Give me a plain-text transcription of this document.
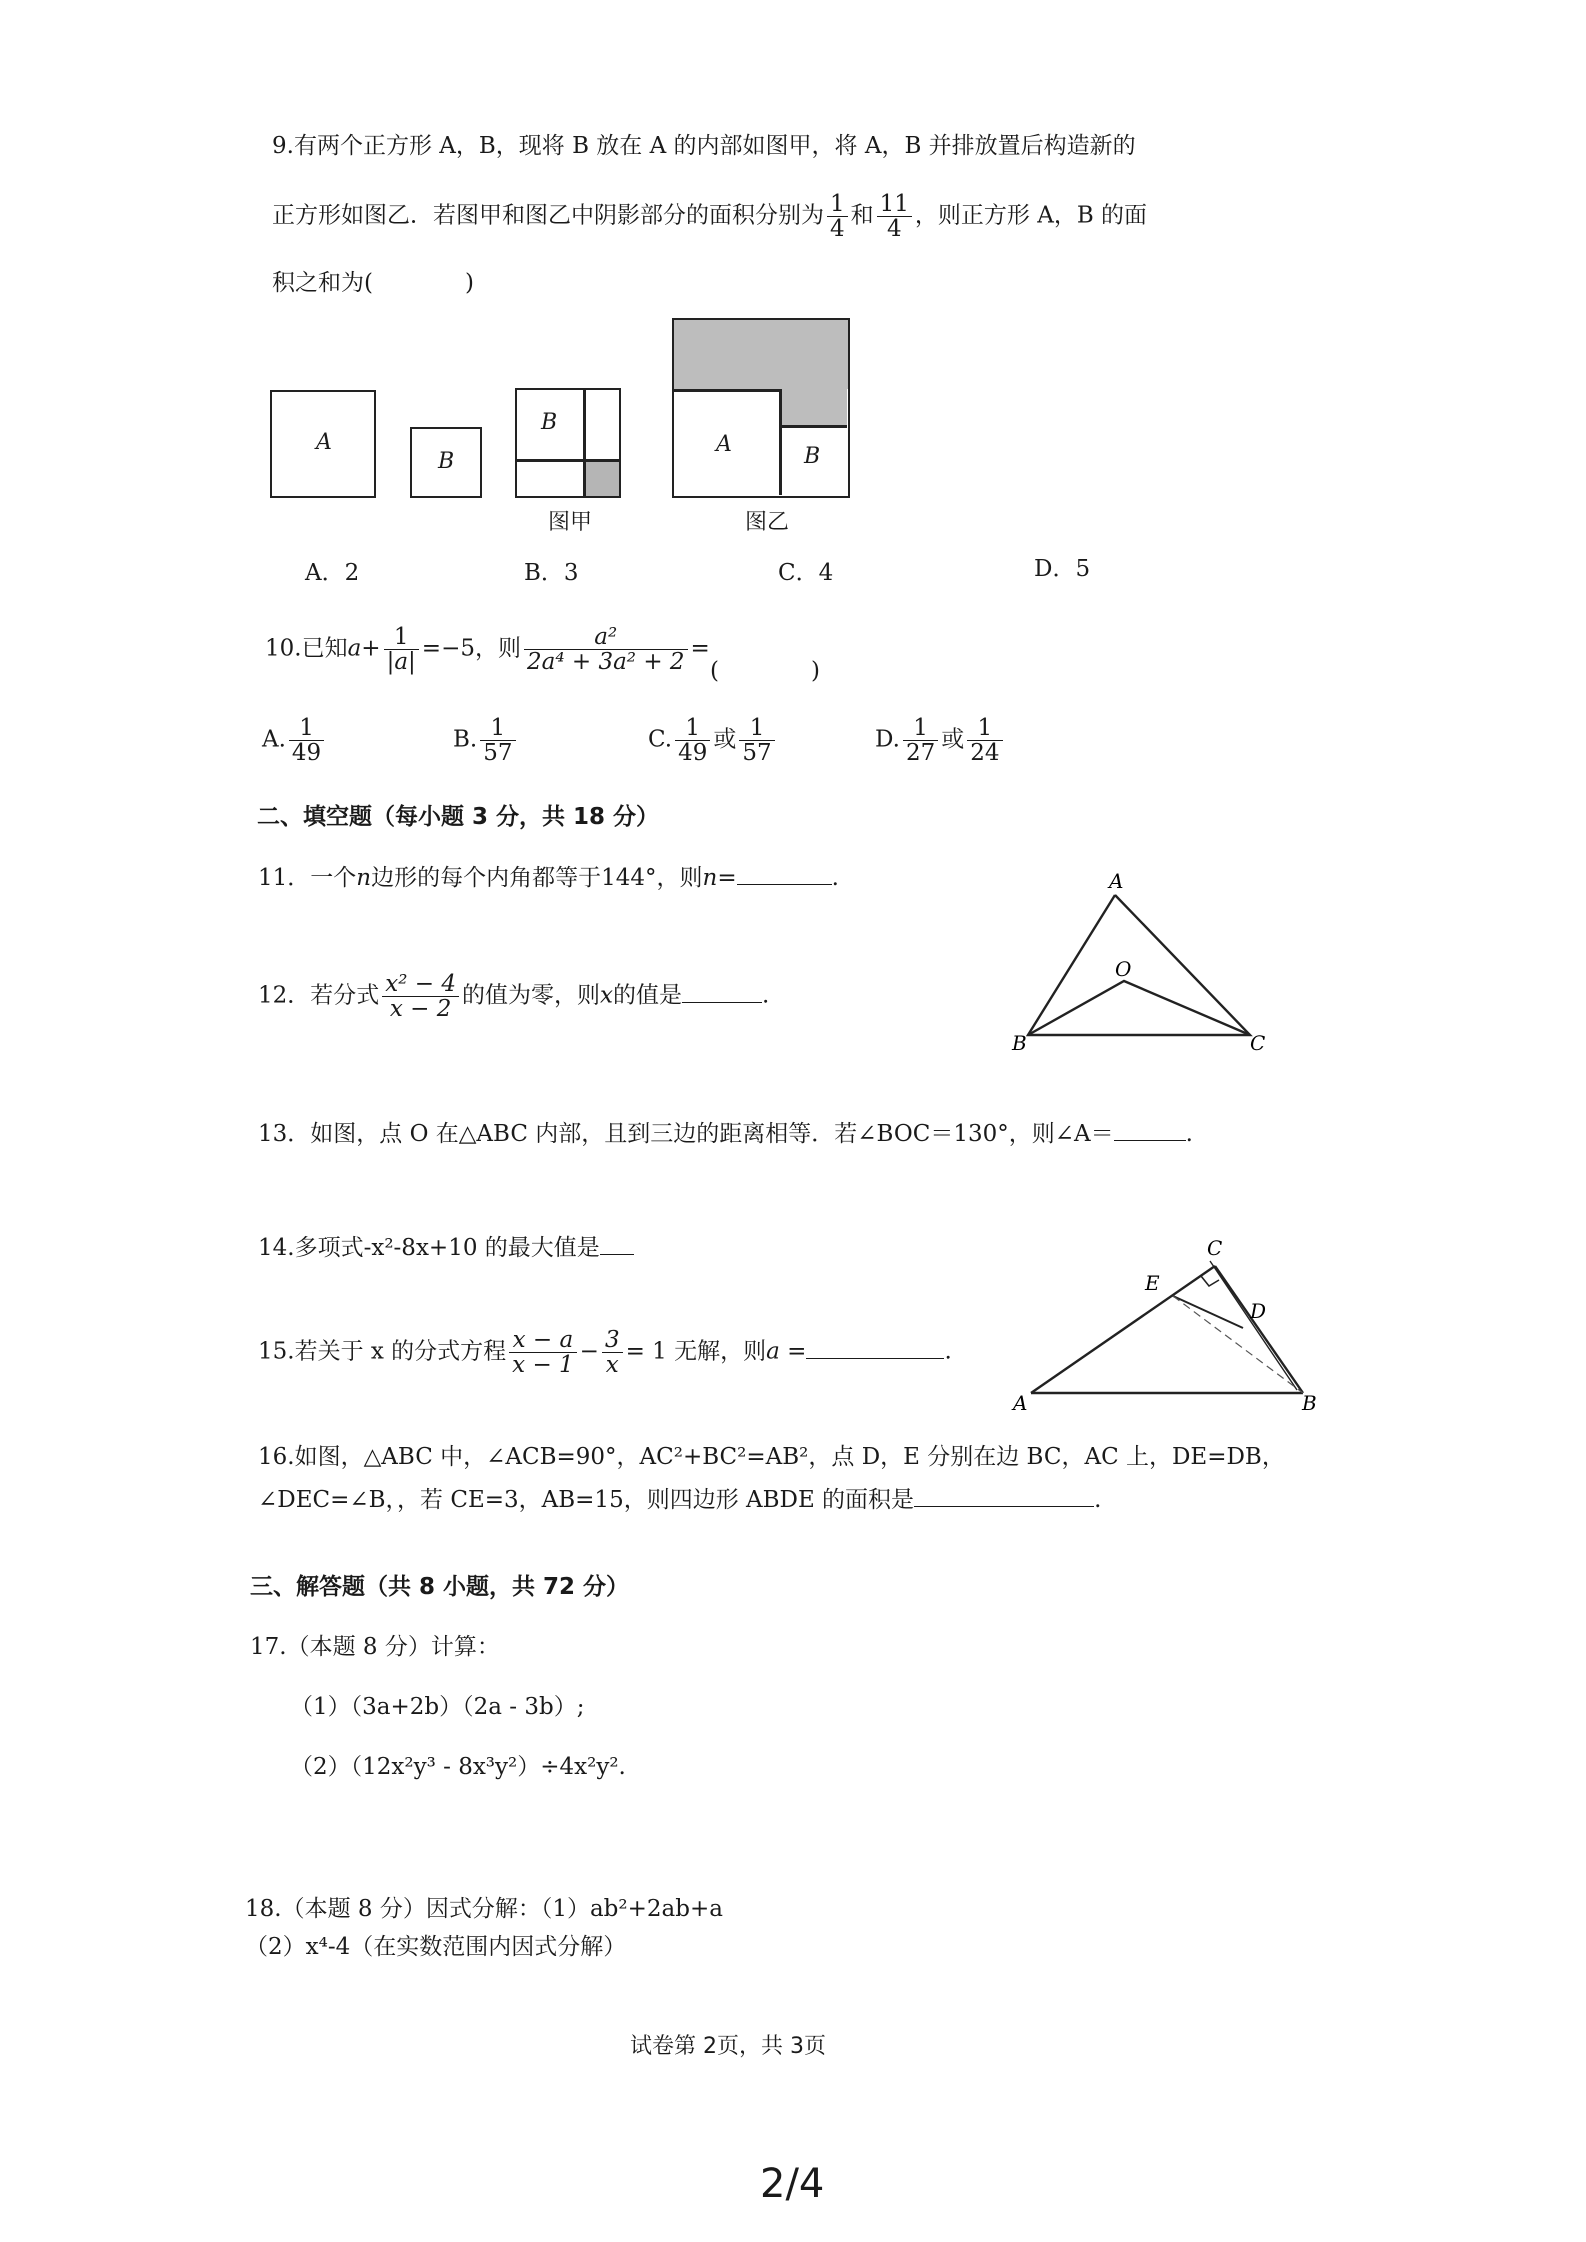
9.有两个正方形 A，B，现将 B 放在 A 的内部如图甲，将 A，B 并排放置后构造新的
正方形如图乙．若图甲和图乙中阴影部分的面积分别为 $\frac{1}{4}$ 和 $\frac{11}{4}$ ，则正方形 A，B 的面
积之和为(　　　　)
A
B
B
图甲
A	B
图乙
A．2	B．3	C．4	D．5
10.已知$a+ \frac{1}{|a|} =-5$，则 $\frac{\text{a²}}{\text{2a⁴ + 3a² + 2}}$ =
(　　　　)
A. $\frac{1}{49}$	B. $\frac{1}{57}$	C. $\frac{1}{49}$ 或 $\frac{1}{57}$	D. $\frac{1}{27}$ 或 $\frac{1}{24}$
二、填空题（每小题 3 分，共 18 分）
11．一个n边形的每个内角都等于144°，则n=	.	A
O
B	C
12．若分式 $\frac{\text{x² − 4}}{x - 2}$ 的值为零，则x的值是	.
13．如图，点 O 在△ABC 内部，且到三边的距离相等．若∠BOC＝130°，则∠A＝	.
14.多项式-x²-8x+10 的最大值是	C
E
D
A	B
15.若关于 x 的分式方程 $\frac{x - a}{x - 1} - \frac{3}{x} = 1$ 无解，则a =	.
16.如图，△ABC 中，∠ACB=90°，AC²+BC²=AB²，点 D，E 分别在边 BC，AC 上，DE=DB，
∠DEC=∠B，，若 CE=3，AB=15，则四边形 ABDE 的面积是	.
三、解答题（共 8 小题，共 72 分）
17.（本题 8 分）计算：
（1）（3a+2b）（2a - 3b）;
（2）（12x²y³ - 8x³y²）÷4x²y².
18.（本题 8 分）因式分解：（1）ab²+2ab+a
（2）x⁴-4（在实数范围内因式分解）
试卷第 2页，共 3页
2/4
